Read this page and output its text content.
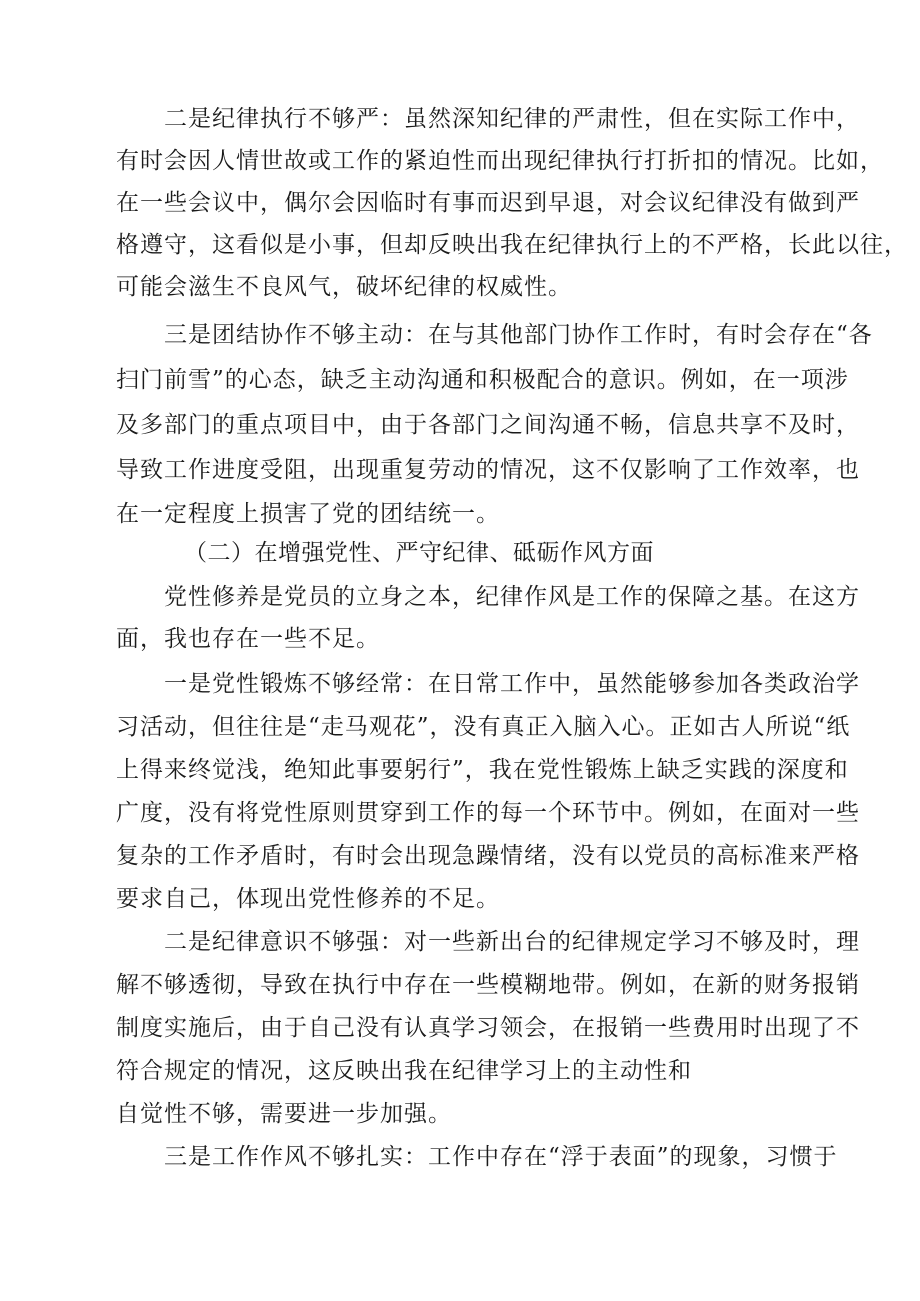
二是纪律执行不够严：虽然深知纪律的严肃性，但在实际工作中，
有时会因人情世故或工作的紧迫性而出现纪律执行打折扣的情况。比如，
在一些会议中，偶尔会因临时有事而迟到早退，对会议纪律没有做到严
格遵守，这看似是小事，但却反映出我在纪律执行上的不严格，长此以往，
可能会滋生不良风气，破坏纪律的权威性。
三是团结协作不够主动：在与其他部门协作工作时，有时会存在“各
扫门前雪”的心态，缺乏主动沟通和积极配合的意识。例如，在一项涉
及多部门的重点项目中，由于各部门之间沟通不畅，信息共享不及时，
导致工作进度受阻，出现重复劳动的情况，这不仅影响了工作效率，也
在一定程度上损害了党的团结统一。
（二）在增强党性、严守纪律、砥砺作风方面
党性修养是党员的立身之本，纪律作风是工作的保障之基。在这方
面，我也存在一些不足。
一是党性锻炼不够经常：在日常工作中，虽然能够参加各类政治学
习活动，但往往是“走马观花”，没有真正入脑入心。正如古人所说“纸
上得来终觉浅，绝知此事要躬行”，我在党性锻炼上缺乏实践的深度和
广度，没有将党性原则贯穿到工作的每一个环节中。例如，在面对一些
复杂的工作矛盾时，有时会出现急躁情绪，没有以党员的高标准来严格
要求自己，体现出党性修养的不足。
二是纪律意识不够强：对一些新出台的纪律规定学习不够及时，理
解不够透彻，导致在执行中存在一些模糊地带。例如，在新的财务报销
制度实施后，由于自己没有认真学习领会，在报销一些费用时出现了不
符合规定的情况，这反映出我在纪律学习上的主动性和
自觉性不够，需要进一步加强。
三是工作作风不够扎实：工作中存在“浮于表面”的现象，习惯于
